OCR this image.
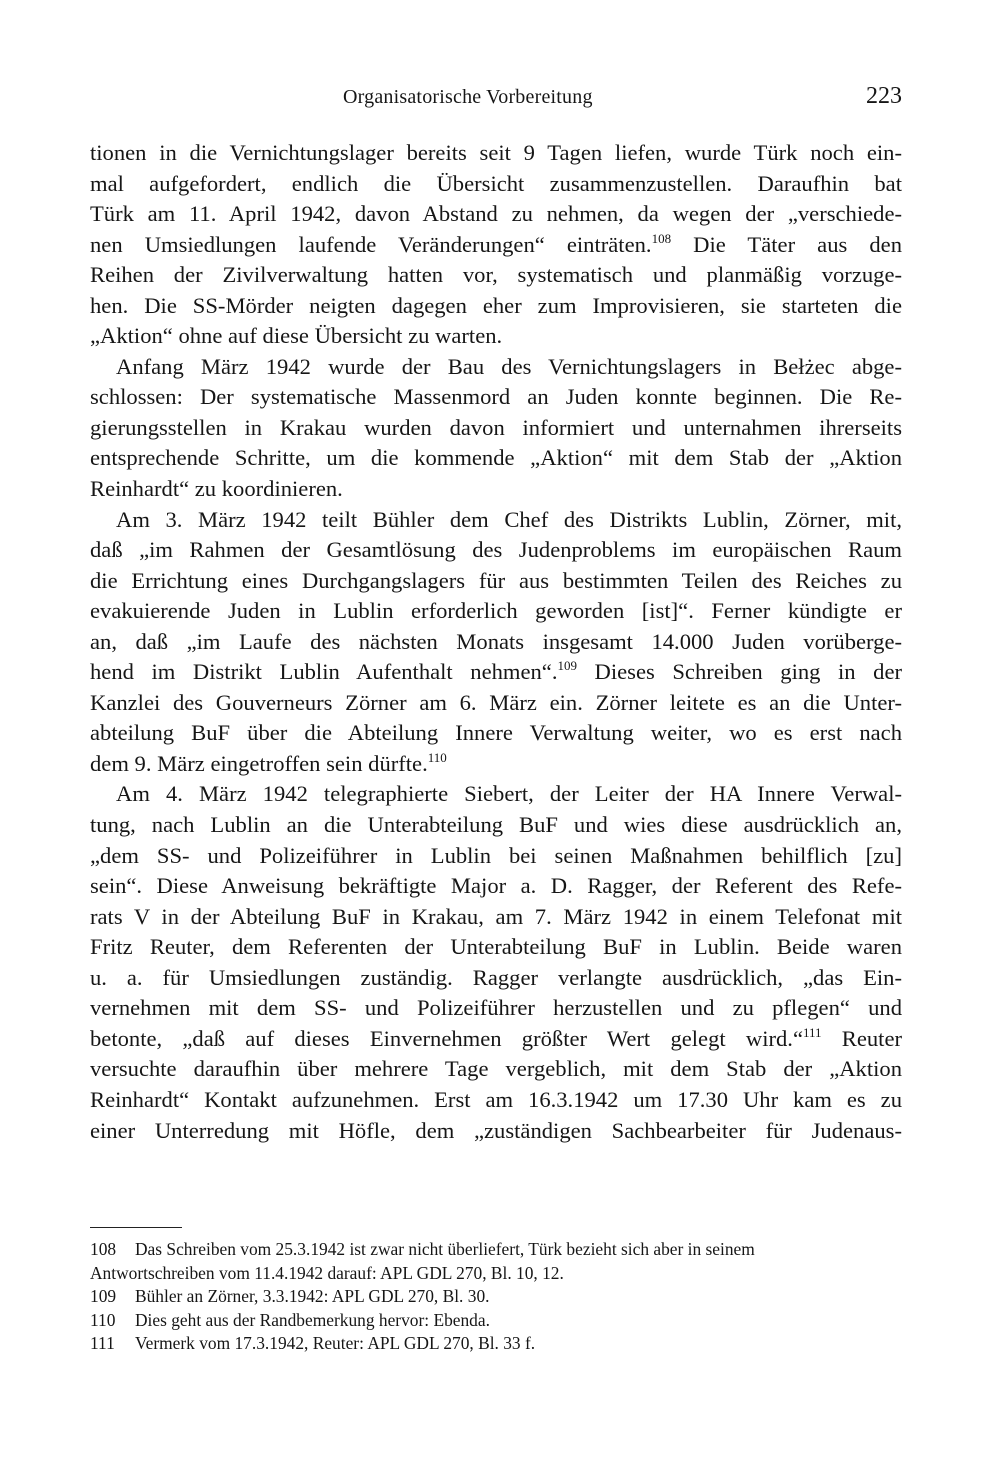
Organisatorische Vorbereitung	223
tionen in die Vernichtungslager bereits seit 9 Tagen liefen, wurde Türk noch ein-
mal aufgefordert, endlich die Übersicht zusammenzustellen. Daraufhin bat
Türk am 11. April 1942, davon Abstand zu nehmen, da wegen der „verschiede-
nen Umsiedlungen laufende Veränderungen“ einträten.$^{108}$ Die Täter aus den
Reihen der Zivilverwaltung hatten vor, systematisch und planmäßig vorzuge-
hen. Die SS-Mörder neigten dagegen eher zum Improvisieren, sie starteten die
„Aktion“ ohne auf diese Übersicht zu warten.
Anfang März 1942 wurde der Bau des Vernichtungslagers in Bełżec abge-
schlossen: Der systematische Massenmord an Juden konnte beginnen. Die Re-
gierungsstellen in Krakau wurden davon informiert und unternahmen ihrerseits
entsprechende Schritte, um die kommende „Aktion“ mit dem Stab der „Aktion
Reinhardt“ zu koordinieren.
Am 3. März 1942 teilt Bühler dem Chef des Distrikts Lublin, Zörner, mit,
daß „im Rahmen der Gesamtlösung des Judenproblems im europäischen Raum
die Errichtung eines Durchgangslagers für aus bestimmten Teilen des Reiches zu
evakuierende Juden in Lublin erforderlich geworden [ist]“. Ferner kündigte er
an, daß „im Laufe des nächsten Monats insgesamt 14.000 Juden vorüberge-
hend im Distrikt Lublin Aufenthalt nehmen“.$^{109}$ Dieses Schreiben ging in der
Kanzlei des Gouverneurs Zörner am 6. März ein. Zörner leitete es an die Unter-
abteilung BuF über die Abteilung Innere Verwaltung weiter, wo es erst nach
dem 9. März eingetroffen sein dürfte.$^{110}$
Am 4. März 1942 telegraphierte Siebert, der Leiter der HA Innere Verwal-
tung, nach Lublin an die Unterabteilung BuF und wies diese ausdrücklich an,
„dem SS- und Polizeiführer in Lublin bei seinen Maßnahmen behilflich [zu]
sein“. Diese Anweisung bekräftigte Major a. D. Ragger, der Referent des Refe-
rats V in der Abteilung BuF in Krakau, am 7. März 1942 in einem Telefonat mit
Fritz Reuter, dem Referenten der Unterabteilung BuF in Lublin. Beide waren
u. a. für Umsiedlungen zuständig. Ragger verlangte ausdrücklich, „das Ein-
vernehmen mit dem SS- und Polizeiführer herzustellen und zu pflegen“ und
betonte, „daß auf dieses Einvernehmen größter Wert gelegt wird.“$^{111}$ Reuter
versuchte daraufhin über mehrere Tage vergeblich, mit dem Stab der „Aktion
Reinhardt“ Kontakt aufzunehmen. Erst am 16.3.1942 um 17.30 Uhr kam es zu
einer Unterredung mit Höfle, dem „zuständigen Sachbearbeiter für Judenaus-
108 Das Schreiben vom 25.3.1942 ist zwar nicht überliefert, Türk bezieht sich aber in seinem
Antwortschreiben vom 11.4.1942 darauf: APL GDL 270, Bl. 10, 12.
109 Bühler an Zörner, 3.3.1942: APL GDL 270, Bl. 30.
110 Dies geht aus der Randbemerkung hervor: Ebenda.
111 Vermerk vom 17.3.1942, Reuter: APL GDL 270, Bl. 33 f.
